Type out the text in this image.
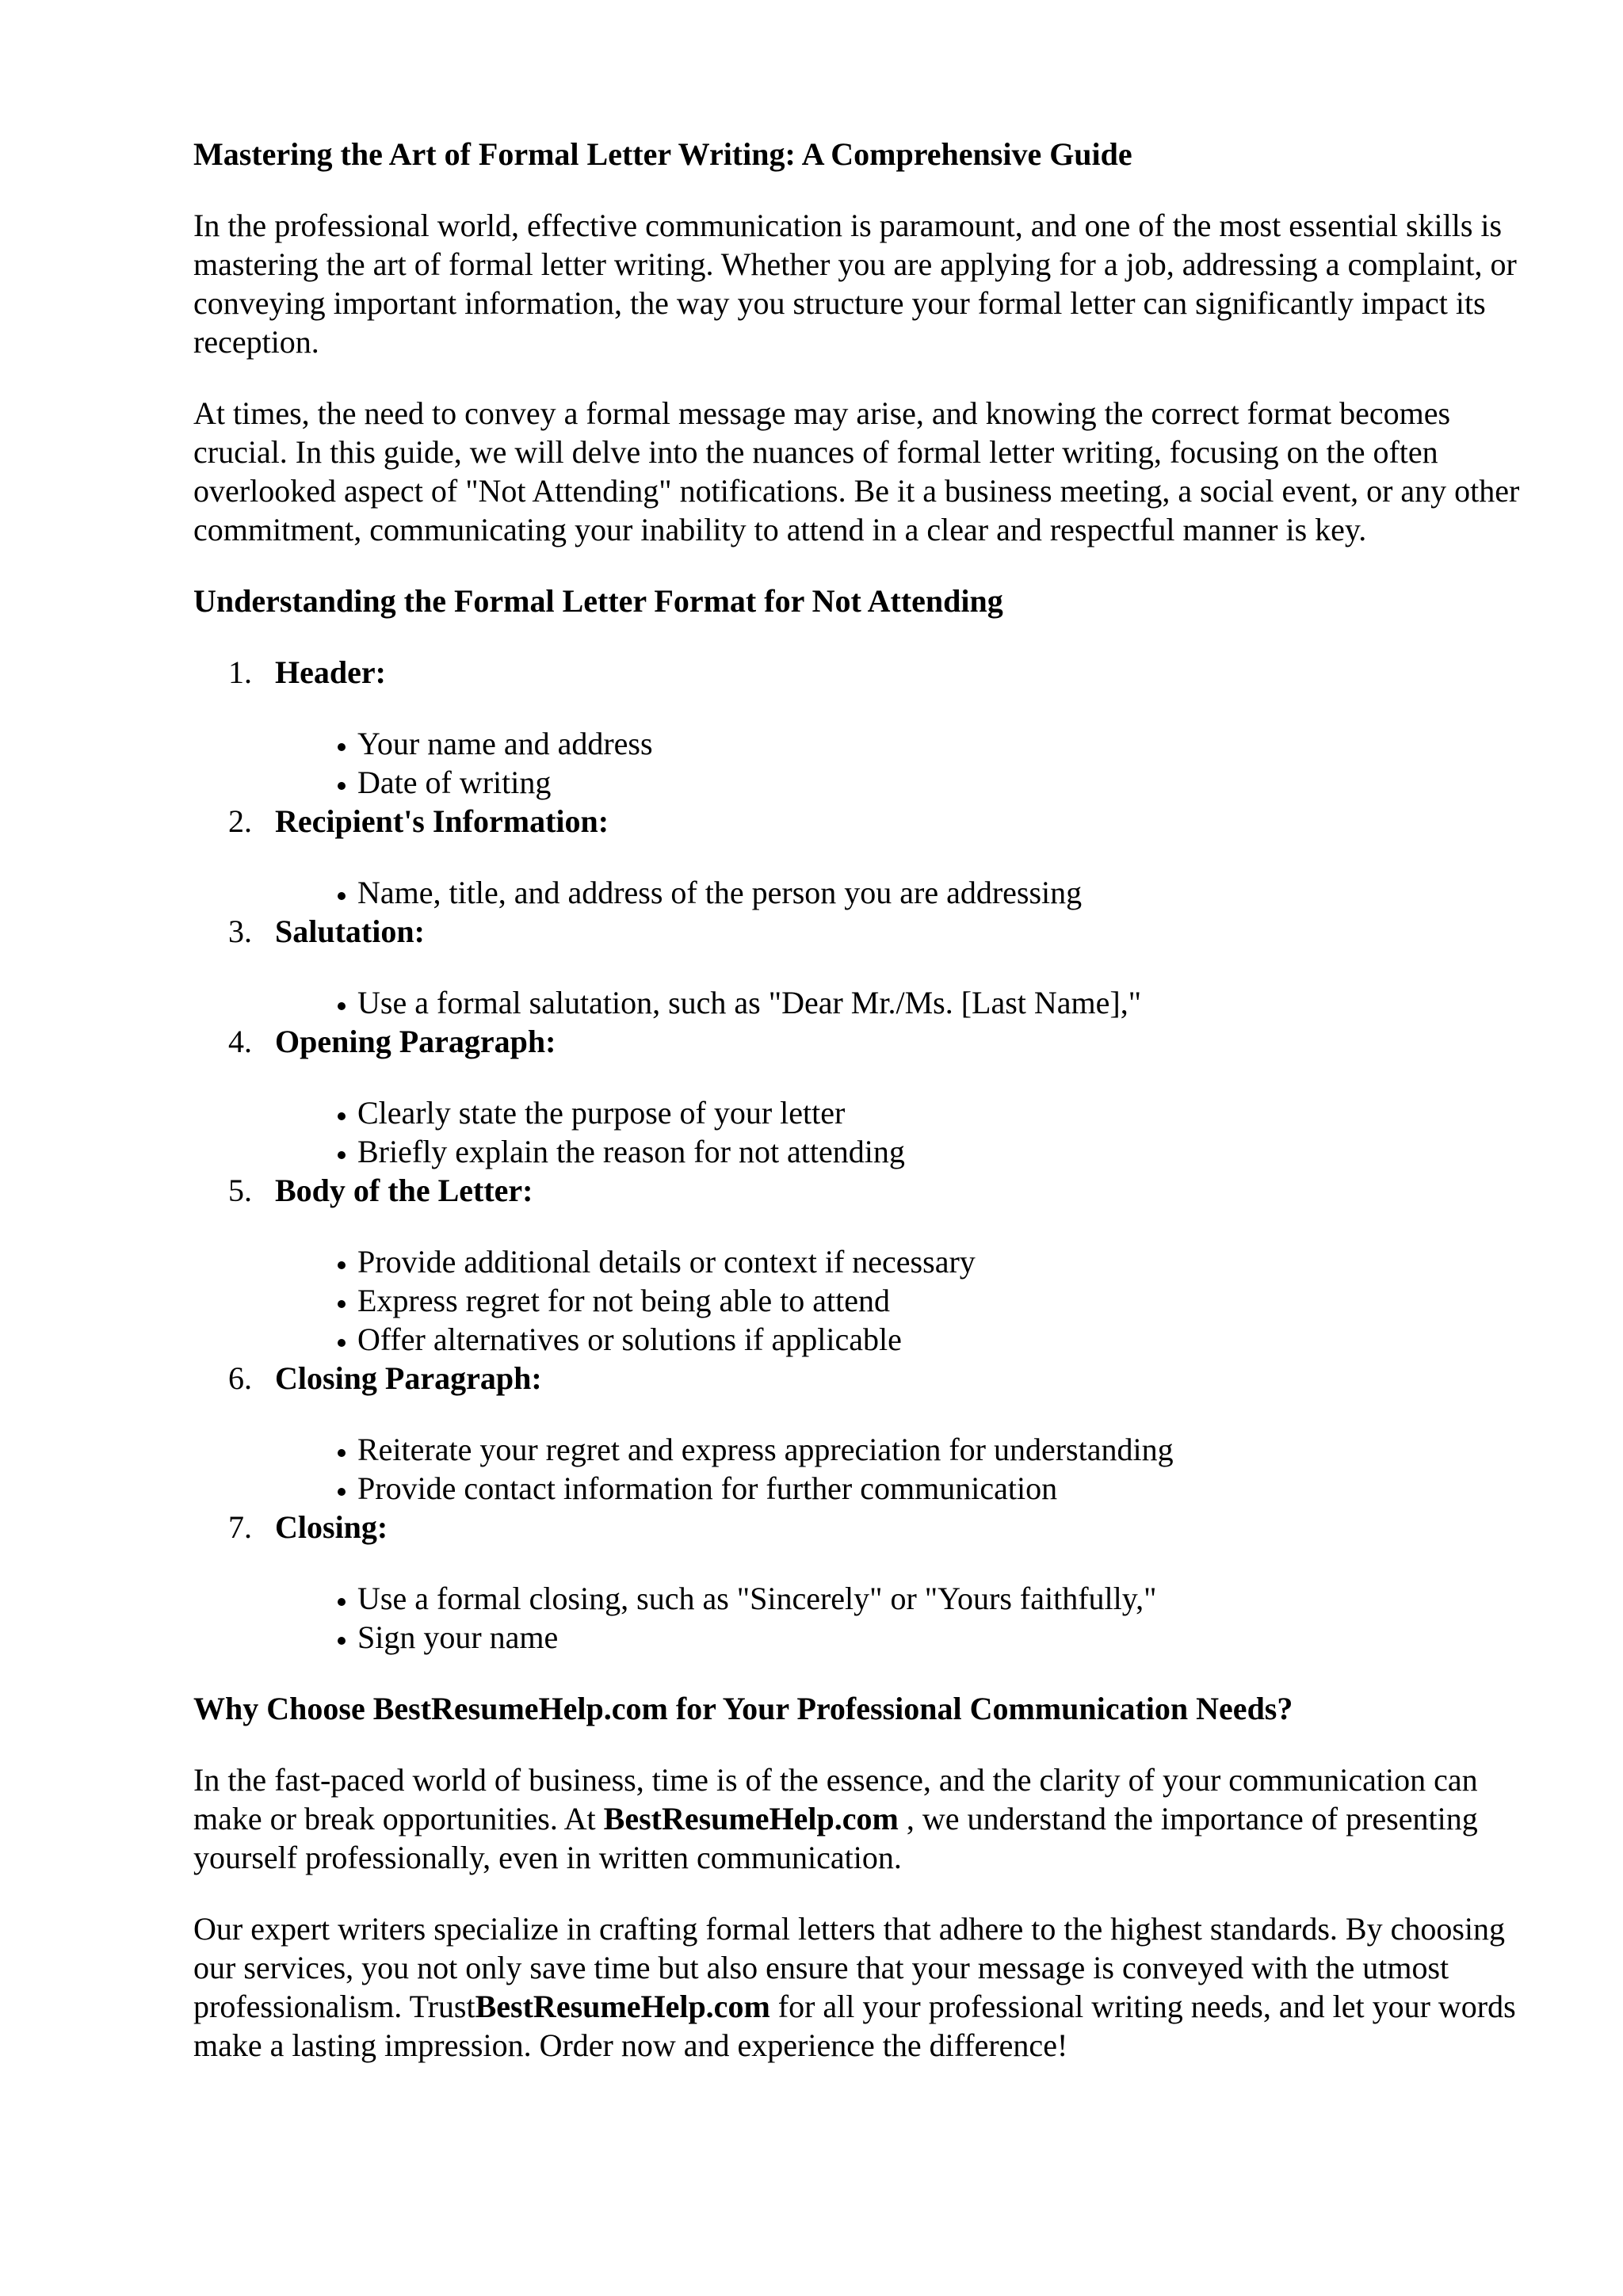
Mastering the Art of Formal Letter Writing: A Comprehensive Guide

In the professional world, effective communication is paramount, and one of the most essential skills is mastering the art of formal letter writing. Whether you are applying for a job, addressing a complaint, or conveying important information, the way you structure your formal letter can significantly impact its reception.

At times, the need to convey a formal message may arise, and knowing the correct format becomes crucial. In this guide, we will delve into the nuances of formal letter writing, focusing on the often overlooked aspect of "Not Attending" notifications. Be it a business meeting, a social event, or any other commitment, communicating your inability to attend in a clear and respectful manner is key.

Understanding the Formal Letter Format for Not Attending
1. Header:
Your name and address
Date of writing
2. Recipient's Information:
Name, title, and address of the person you are addressing
3. Salutation:
Use a formal salutation, such as "Dear Mr./Ms. [Last Name],"
4. Opening Paragraph:
Clearly state the purpose of your letter
Briefly explain the reason for not attending
5. Body of the Letter:
Provide additional details or context if necessary
Express regret for not being able to attend
Offer alternatives or solutions if applicable
6. Closing Paragraph:
Reiterate your regret and express appreciation for understanding
Provide contact information for further communication
7. Closing:
Use a formal closing, such as "Sincerely" or "Yours faithfully,"
Sign your name
Why Choose BestResumeHelp.com for Your Professional Communication Needs?

In the fast-paced world of business, time is of the essence, and the clarity of your communication can make or break opportunities. At BestResumeHelp.com , we understand the importance of presenting yourself professionally, even in written communication.

Our expert writers specialize in crafting formal letters that adhere to the highest standards. By choosing our services, you not only save time but also ensure that your message is conveyed with the utmost professionalism. TrustBestResumeHelp.com for all your professional writing needs, and let your words make a lasting impression. Order now and experience the difference!
